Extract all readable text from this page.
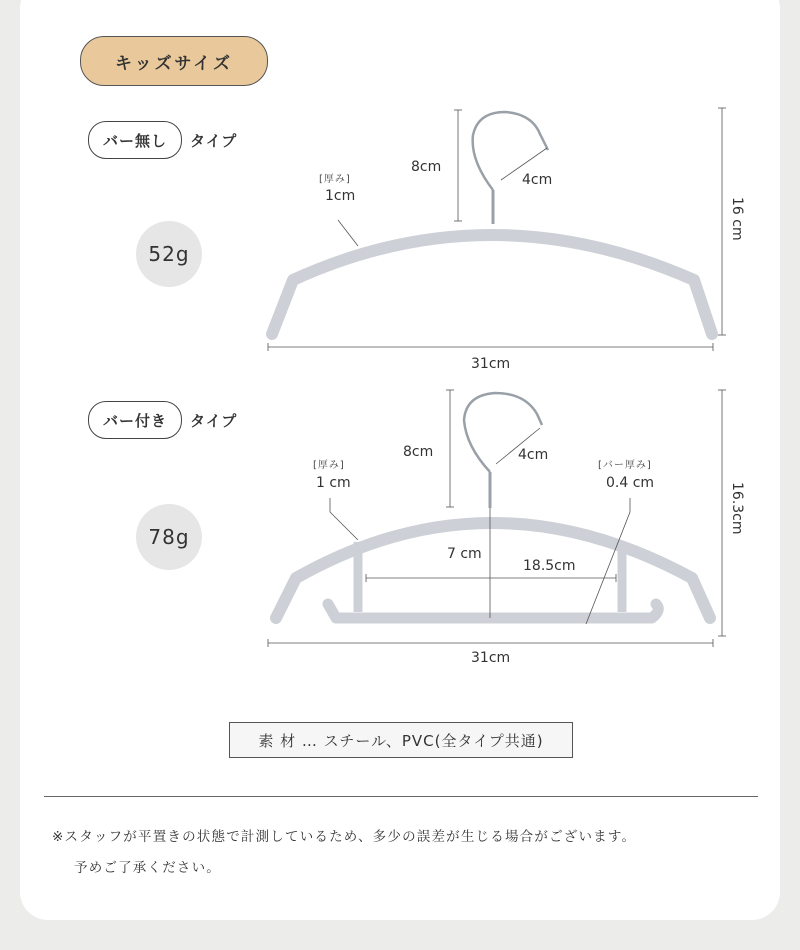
キッズサイズ
バー無し	タイプ
52g
[厚み]
1cm
8cm
4cm
16 cm
31cm
バー付き	タイプ
78g
[厚み]
1 cm
8cm	4cm
[バー厚み]
0.4 cm	16.3cm
7 cm
18.5cm
31cm
素 材 … スチール、PVC(全タイプ共通)
※スタッフが平置きの状態で計測しているため、多少の誤差が生じる場合がございます。
予めご了承ください。
